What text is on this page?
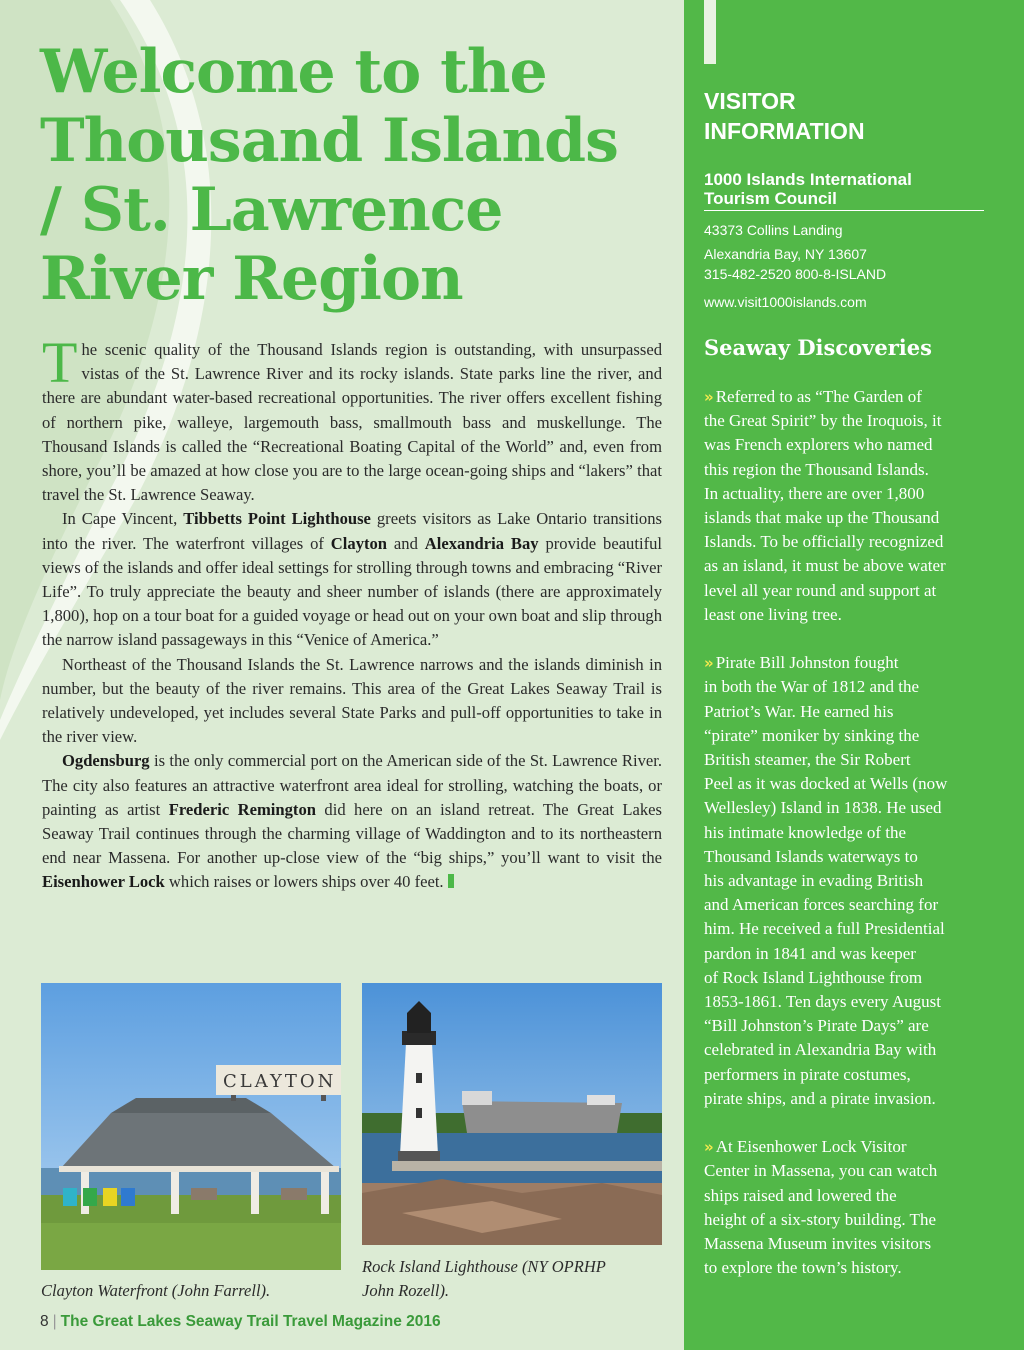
Welcome to the
Thousand Islands
/ St. Lawrence
River Region

The scenic quality of the Thousand Islands region is outstanding, with unsurpassed vistas of the St. Lawrence River and its rocky islands. State parks line the river, and there are abundant water-based recreational opportunities. The river offers excellent fishing of northern pike, walleye, largemouth bass, smallmouth bass and muskellunge. The Thousand Islands is called the “Recreational Boating Capital of the World” and, even from shore, you’ll be amazed at how close you are to the large ocean-going ships and “lakers” that travel the St. Lawrence Seaway.

In Cape Vincent, Tibbetts Point Lighthouse greets visitors as Lake Ontario transitions into the river. The waterfront villages of Clayton and Alexandria Bay provide beautiful views of the islands and offer ideal settings for strolling through towns and embracing “River Life”. To truly appreciate the beauty and sheer number of islands (there are approximately 1,800), hop on a tour boat for a guided voyage or head out on your own boat and slip through the narrow island passageways in this “Venice of America.”

Northeast of the Thousand Islands the St. Lawrence narrows and the islands diminish in number, but the beauty of the river remains. This area of the Great Lakes Seaway Trail is relatively undeveloped, yet includes several State Parks and pull-off opportunities to take in the river view.

Ogdensburg is the only commercial port on the American side of the St. Lawrence River. The city also features an attractive waterfront area ideal for strolling, watching the boats, or painting as artist Frederic Remington did here on an island retreat. The Great Lakes Seaway Trail continues through the charming village of Waddington and to its northeastern end near Massena. For another up-close view of the “big ships,” you’ll want to visit the Eisenhower Lock which raises or lowers ships over 40 feet.

CLAYTON
Clayton Waterfront (John Farrell).
Rock Island Lighthouse (NY OPRHP
John Rozell).
8 | The Great Lakes Seaway Trail Travel Magazine 2016
VISITOR
INFORMATION
1000 Islands International
Tourism Council
43373 Collins Landing
Alexandria Bay, NY 13607
315-482-2520 800-8-ISLAND
www.visit1000islands.com
Seaway Discoveries

» Referred to as “The Garden of
the Great Spirit” by the Iroquois, it
was French explorers who named
this region the Thousand Islands.
In actuality, there are over 1,800
islands that make up the Thousand
Islands. To be officially recognized
as an island, it must be above water
level all year round and support at
least one living tree.

» Pirate Bill Johnston fought
in both the War of 1812 and the
Patriot’s War. He earned his
“pirate” moniker by sinking the
British steamer, the Sir Robert
Peel as it was docked at Wells (now
Wellesley) Island in 1838. He used
his intimate knowledge of the
Thousand Islands waterways to
his advantage in evading British
and American forces searching for
him. He received a full Presidential
pardon in 1841 and was keeper
of Rock Island Lighthouse from
1853-1861. Ten days every August
“Bill Johnston’s Pirate Days” are
celebrated in Alexandria Bay with
performers in pirate costumes,
pirate ships, and a pirate invasion.

» At Eisenhower Lock Visitor
Center in Massena, you can watch
ships raised and lowered the
height of a six-story building. The
Massena Museum invites visitors
to explore the town’s history.
